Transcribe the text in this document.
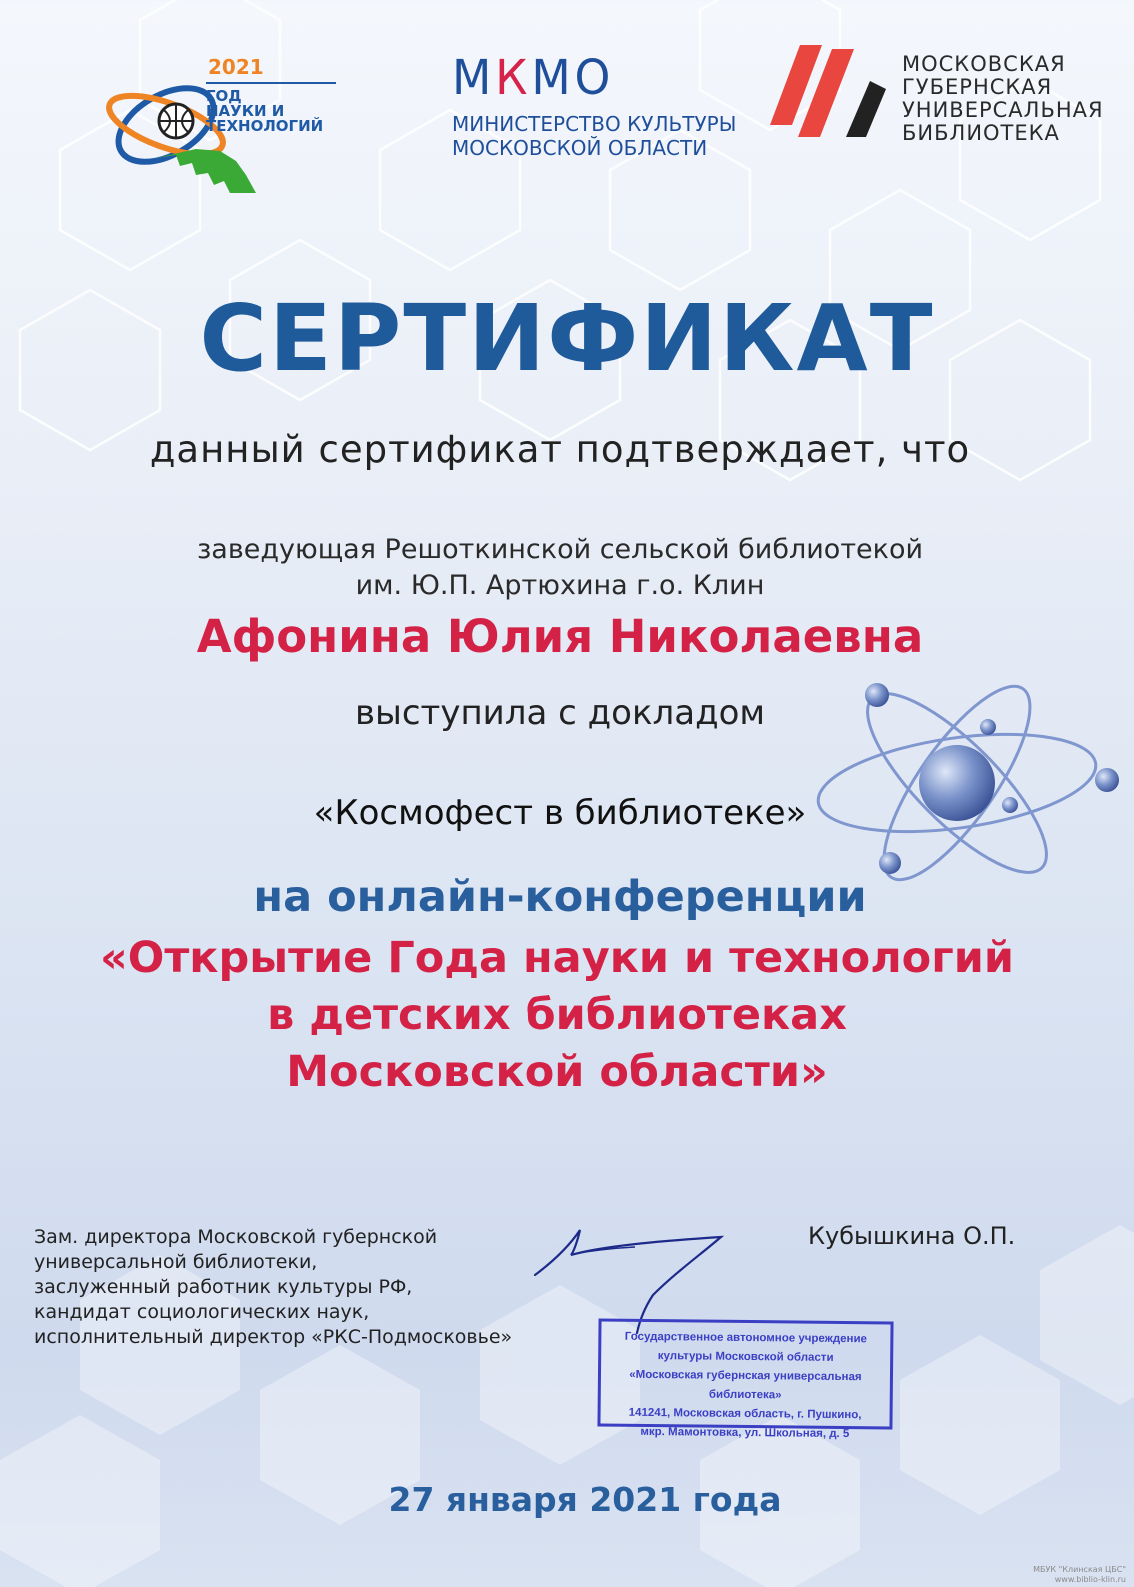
2021
ГОД
НАУКИ И
ТЕХНОЛОГИЙ
МКМО
МИНИСТЕРСТВО КУЛЬТУРЫ
МОСКОВСКОЙ ОБЛАСТИ
МОСКОВСКАЯ
ГУБЕРНСКАЯ
УНИВЕРСАЛЬНАЯ
БИБЛИОТЕКА
СЕРТИФИКАТ
данный сертификат подтверждает, что
заведующая Решоткинской сельской библиотекой
им. Ю.П. Артюхина г.о. Клин
Афонина Юлия Николаевна
выступила с докладом
«Космофест в библиотеке»
на онлайн-конференции
«Открытие Года науки и технологий
в детских библиотеках
Московской области»
Зам. директора Московской губернской
универсальной библиотеки,
заслуженный работник культуры РФ,
кандидат социологических наук,
исполнительный директор «РКС-Подмосковье»
Кубышкина О.П.
Государственное автономное учреждение
культуры Московской области
«Московская губернская универсальная библиотека»
141241, Московская область, г. Пушкино,
мкр. Мамонтовка, ул. Школьная, д. 5
27 января 2021 года
МБУК "Клинская ЦБС"
www.biblio-klin.ru
